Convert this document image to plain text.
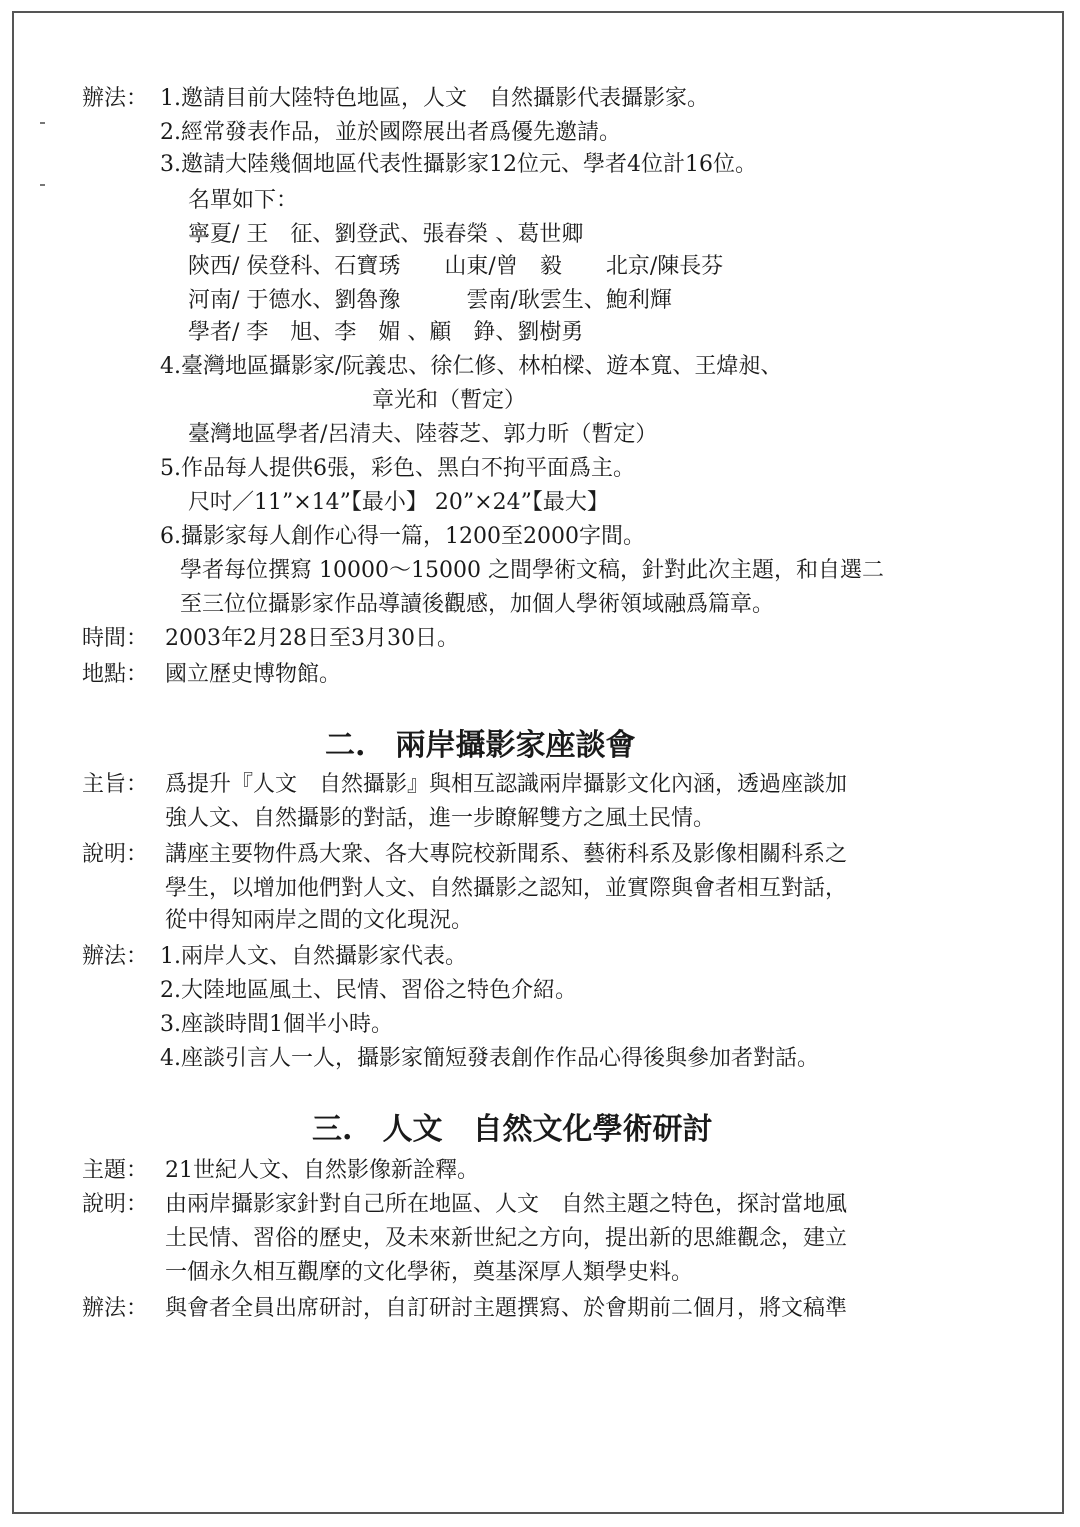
辦法： 1.邀請目前大陸特色地區，人文　自然攝影代表攝影家。
2.經常發表作品，並於國際展出者爲優先邀請。
3.邀請大陸幾個地區代表性攝影家12位元、學者4位計16位。
名單如下：
寧夏/ 王　征、劉登武、張春榮 、葛世卿
陝西/ 侯登科、石寶琇　　山東/曾　毅　　北京/陳長芬
河南/ 于德水、劉魯豫　　　雲南/耿雲生、鮑利輝
學者/ 李　旭、李　媚 、顧　錚、劉樹勇
4.臺灣地區攝影家/阮義忠、徐仁修、林柏樑、遊本寬、王煒昶、
章光和（暫定）
臺灣地區學者/呂清夫、陸蓉芝、郭力昕（暫定）
5.作品每人提供6張，彩色、黑白不拘平面爲主。
尺吋／11”×14”【最小】 20”×24”【最大】
6.攝影家每人創作心得一篇，1200至2000字間。
學者每位撰寫 10000～15000 之間學術文稿，針對此次主題，和自選二
至三位位攝影家作品導讀後觀感，加個人學術領域融爲篇章。
時間： 2003年2月28日至3月30日。
地點： 國立歷史博物館。
二.　兩岸攝影家座談會
主旨： 爲提升『人文　自然攝影』與相互認識兩岸攝影文化內涵，透過座談加
強人文、自然攝影的對話，進一步瞭解雙方之風土民情。
說明： 講座主要物件爲大衆、各大專院校新聞系、藝術科系及影像相關科系之
學生，以增加他們對人文、自然攝影之認知，並實際與會者相互對話，
從中得知兩岸之間的文化現況。
辦法： 1.兩岸人文、自然攝影家代表。
2.大陸地區風土、民情、習俗之特色介紹。
3.座談時間1個半小時。
4.座談引言人一人，攝影家簡短發表創作作品心得後與參加者對話。
三.　人文　自然文化學術研討
主題： 21世紀人文、自然影像新詮釋。
說明： 由兩岸攝影家針對自己所在地區、人文　自然主題之特色，探討當地風
土民情、習俗的歷史，及未來新世紀之方向，提出新的思維觀念，建立
一個永久相互觀摩的文化學術，奠基深厚人類學史料。
辦法： 與會者全員出席研討，自訂研討主題撰寫、於會期前二個月，將文稿準
